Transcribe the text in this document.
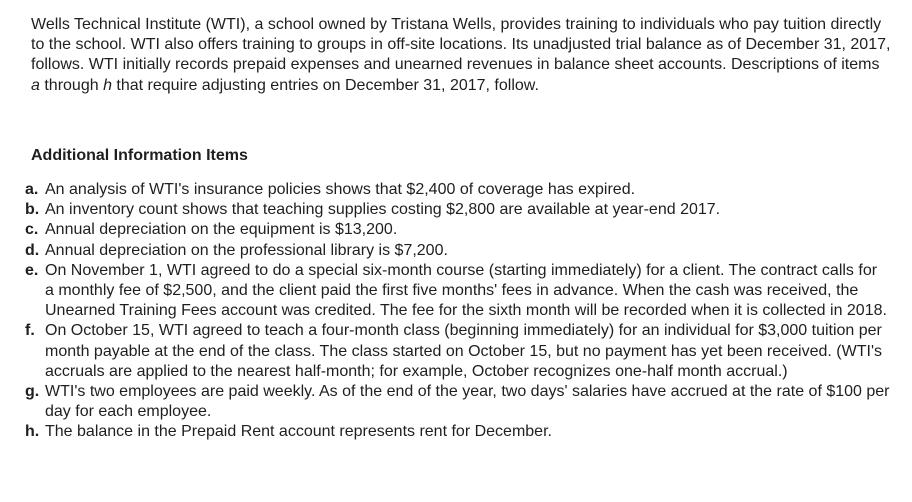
Wells Technical Institute (WTI), a school owned by Tristana Wells, provides training to individuals who pay tuition directly to the school. WTI also offers training to groups in off-site locations. Its unadjusted trial balance as of December 31, 2017, follows. WTI initially records prepaid expenses and unearned revenues in balance sheet accounts. Descriptions of items a through h that require adjusting entries on December 31, 2017, follow.

Additional Information Items
a. An analysis of WTI's insurance policies shows that $2,400 of coverage has expired.
b. An inventory count shows that teaching supplies costing $2,800 are available at year-end 2017.
c. Annual depreciation on the equipment is $13,200.
d. Annual depreciation on the professional library is $7,200.
e. On November 1, WTI agreed to do a special six-month course (starting immediately) for a client. The contract calls for a monthly fee of $2,500, and the client paid the first five months' fees in advance. When the cash was received, the Unearned Training Fees account was credited. The fee for the sixth month will be recorded when it is collected in 2018.
f. On October 15, WTI agreed to teach a four-month class (beginning immediately) for an individual for $3,000 tuition per month payable at the end of the class. The class started on October 15, but no payment has yet been received. (WTI's accruals are applied to the nearest half-month; for example, October recognizes one-half month accrual.)
g. WTI's two employees are paid weekly. As of the end of the year, two days' salaries have accrued at the rate of $100 per day for each employee.
h. The balance in the Prepaid Rent account represents rent for December.
